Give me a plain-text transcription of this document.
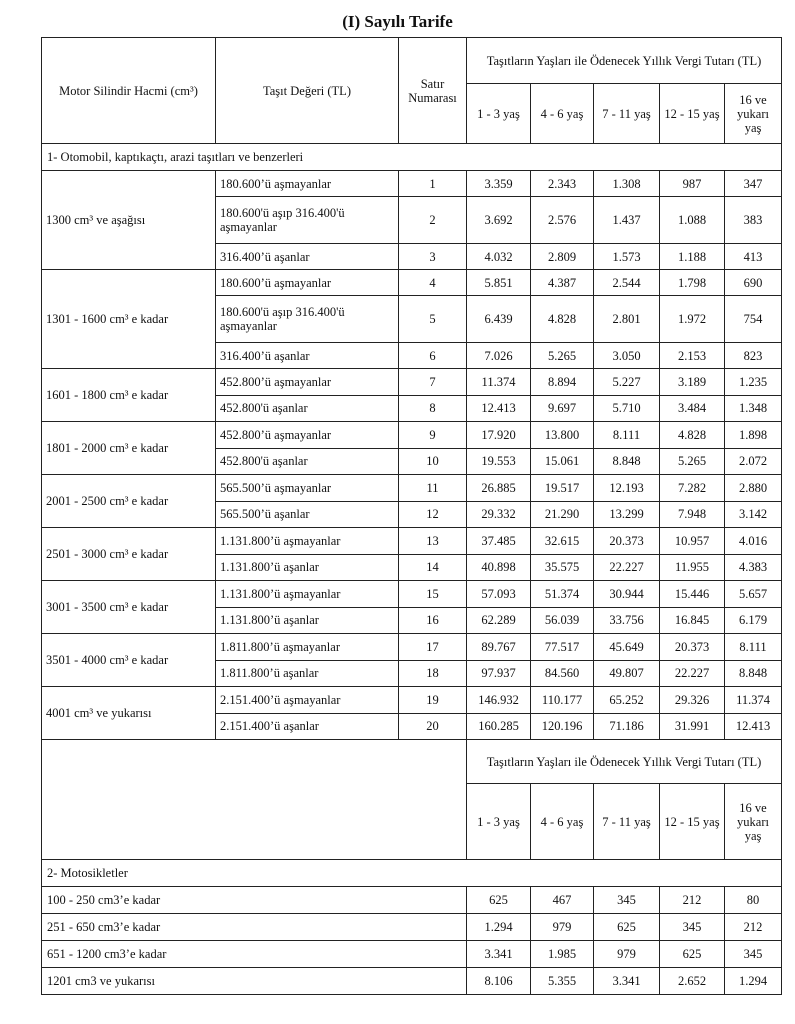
(I) Sayılı Tarife
Motor Silindir Hacmi (cm³)	Taşıt Değeri (TL)	Satır Numarası	Taşıtların Yaşları ile Ödenecek Yıllık Vergi Tutarı (TL)				
			1 - 3 yaş	4 - 6 yaş	7 - 11 yaş	12 - 15 yaş	16 ve yukarı yaş
1- Otomobil, kaptıkaçtı, arazi taşıtları ve benzerleri							
1300 cm³ ve aşağısı	180.600’ü aşmayanlar	1	3.359	2.343	1.308	987	347
	180.600'ü aşıp 316.400'ü aşmayanlar	2	3.692	2.576	1.437	1.088	383
	316.400’ü aşanlar	3	4.032	2.809	1.573	1.188	413
1301 - 1600 cm³ e kadar	180.600’ü aşmayanlar	4	5.851	4.387	2.544	1.798	690
	180.600'ü aşıp 316.400'ü aşmayanlar	5	6.439	4.828	2.801	1.972	754
	316.400’ü aşanlar	6	7.026	5.265	3.050	2.153	823
1601 - 1800 cm³ e kadar	452.800’ü aşmayanlar	7	11.374	8.894	5.227	3.189	1.235
	452.800'ü aşanlar	8	12.413	9.697	5.710	3.484	1.348
1801 - 2000 cm³ e kadar	452.800’ü aşmayanlar	9	17.920	13.800	8.111	4.828	1.898
	452.800'ü aşanlar	10	19.553	15.061	8.848	5.265	2.072
2001 - 2500 cm³ e kadar	565.500’ü aşmayanlar	11	26.885	19.517	12.193	7.282	2.880
	565.500’ü aşanlar	12	29.332	21.290	13.299	7.948	3.142
2501 - 3000 cm³ e kadar	1.131.800’ü aşmayanlar	13	37.485	32.615	20.373	10.957	4.016
	1.131.800’ü aşanlar	14	40.898	35.575	22.227	11.955	4.383
3001 - 3500 cm³ e kadar	1.131.800’ü aşmayanlar	15	57.093	51.374	30.944	15.446	5.657
	1.131.800’ü aşanlar	16	62.289	56.039	33.756	16.845	6.179
3501 - 4000 cm³ e kadar	1.811.800’ü aşmayanlar	17	89.767	77.517	45.649	20.373	8.111
	1.811.800’ü aşanlar	18	97.937	84.560	49.807	22.227	8.848
4001 cm³ ve yukarısı	2.151.400’ü aşmayanlar	19	146.932	110.177	65.252	29.326	11.374
	2.151.400’ü aşanlar	20	160.285	120.196	71.186	31.991	12.413
			Taşıtların Yaşları ile Ödenecek Yıllık Vergi Tutarı (TL)				
			1 - 3 yaş	4 - 6 yaş	7 - 11 yaş	12 - 15 yaş	16 ve yukarı yaş
2- Motosikletler							
100 - 250 cm3’e kadar			625	467	345	212	80
251 - 650 cm3’e kadar			1.294	979	625	345	212
651 - 1200 cm3’e kadar			3.341	1.985	979	625	345
1201 cm3 ve yukarısı			8.106	5.355	3.341	2.652	1.294
